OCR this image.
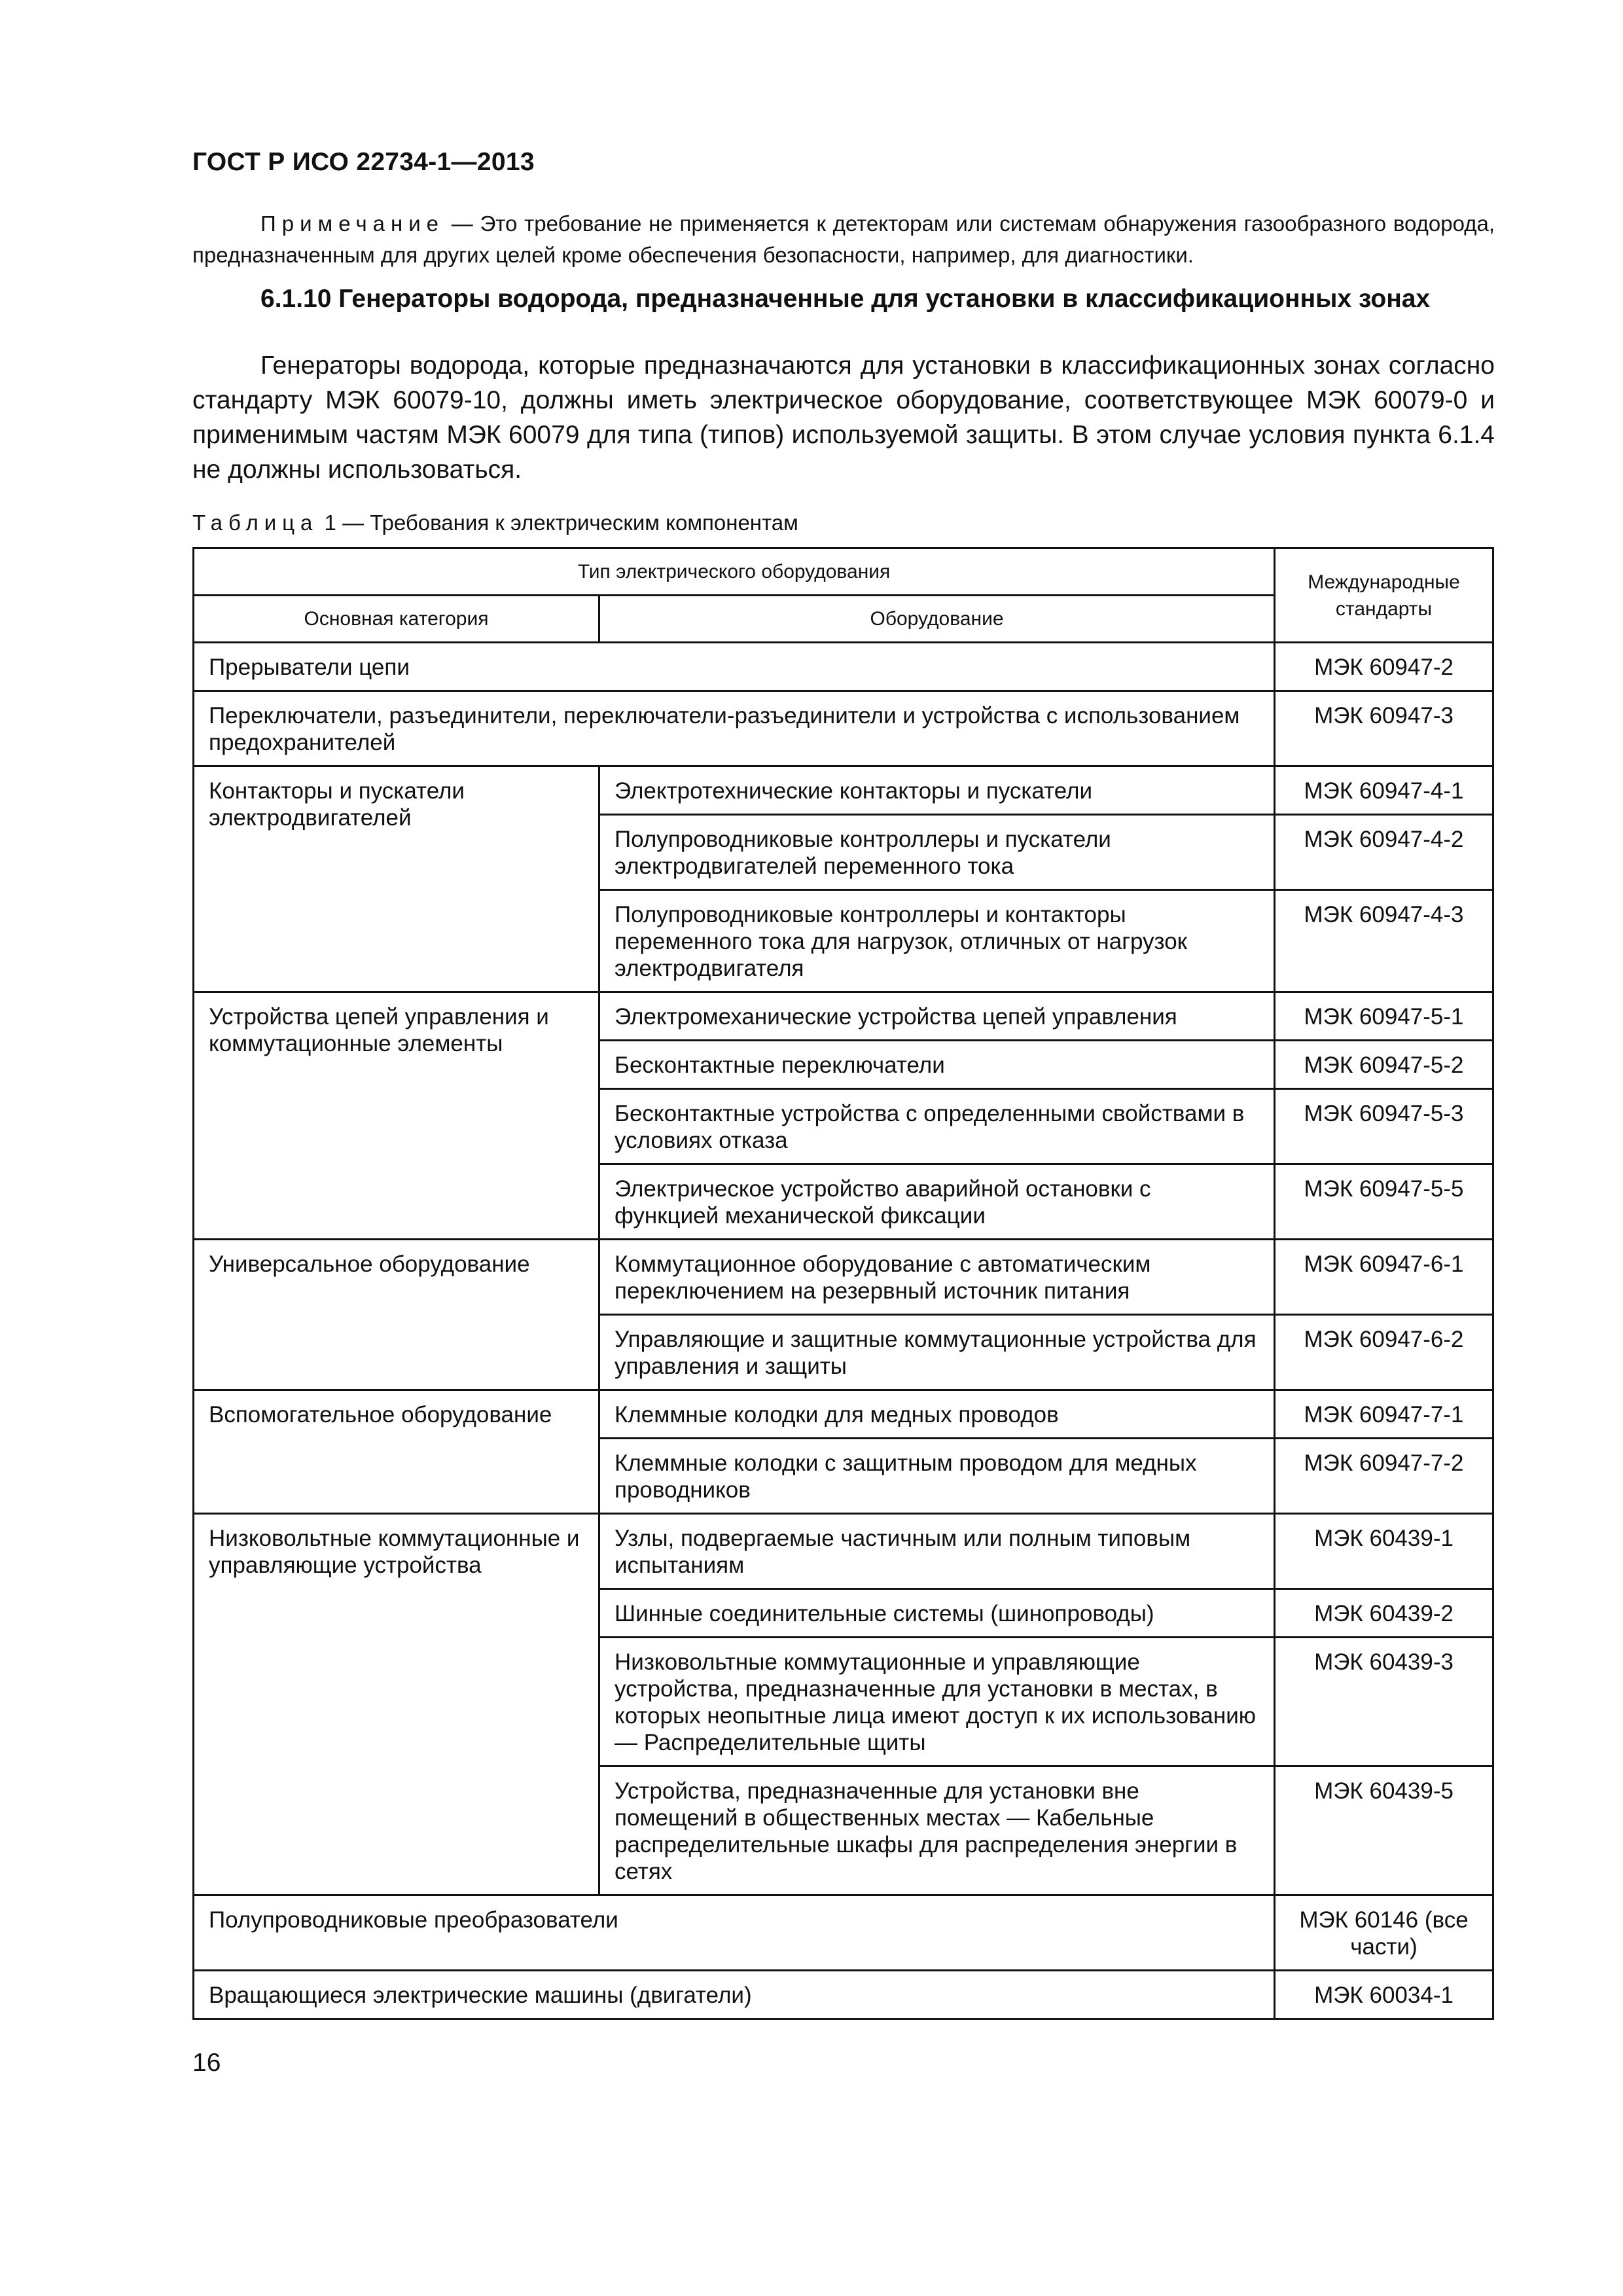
ГОСТ Р ИСО 22734-1—2013

Примечание — Это требование не применяется к детекторам или системам обнаружения газообразного водорода, предназначенным для других целей кроме обеспечения безопасности, например, для диагностики.

6.1.10 Генераторы водорода, предназначенные для установки в классификационных зонах

Генераторы водорода, которые предназначаются для установки в классификационных зонах согласно стандарту МЭК 60079-10, должны иметь электрическое оборудование, соответствующее МЭК 60079-0 и применимым частям МЭК 60079 для типа (типов) используемой защиты. В этом случае условия пункта 6.1.4 не должны использоваться.

Таблица 1 — Требования к электрическим компонентам
Тип электрического оборудования		Международные стандарты
Основная категория	Оборудование	
Прерыватели цепи		МЭК 60947-2
Переключатели, разъединители, переключатели-разъединители и устройства с использованием предохранителей		МЭК 60947-3
Контакторы и пускатели электродвигателей	Электротехнические контакторы и пускатели	МЭК 60947-4-1
	Полупроводниковые контроллеры и пускатели электродвигателей переменного тока	МЭК 60947-4-2
	Полупроводниковые контроллеры и контакторы переменного тока для нагрузок, отличных от нагрузок электродвигателя	МЭК 60947-4-3
Устройства цепей управления и коммутационные элементы	Электромеханические устройства цепей управления	МЭК 60947-5-1
	Бесконтактные переключатели	МЭК 60947-5-2
	Бесконтактные устройства с определенными свойствами в условиях отказа	МЭК 60947-5-3
	Электрическое устройство аварийной остановки с функцией механической фиксации	МЭК 60947-5-5
Универсальное оборудование	Коммутационное оборудование с автоматическим переключением на резервный источник питания	МЭК 60947-6-1
	Управляющие и защитные коммутационные устройства для управления и защиты	МЭК 60947-6-2
Вспомогательное оборудование	Клеммные колодки для медных проводов	МЭК 60947-7-1
	Клеммные колодки с защитным проводом для медных проводников	МЭК 60947-7-2
Низковольтные коммутационные и управляющие устройства	Узлы, подвергаемые частичным или полным типовым испытаниям	МЭК 60439-1
	Шинные соединительные системы (шинопроводы)	МЭК 60439-2
	Низковольтные коммутационные и управляющие устройства, предназначенные для установки в местах, в которых неопытные лица имеют доступ к их использованию — Распределительные щиты	МЭК 60439-3
	Устройства, предназначенные для установки вне помещений в общественных местах — Кабельные распределительные шкафы для распределения энергии в сетях	МЭК 60439-5
Полупроводниковые преобразователи		МЭК 60146 (все части)
Вращающиеся электрические машины (двигатели)		МЭК 60034-1
16
